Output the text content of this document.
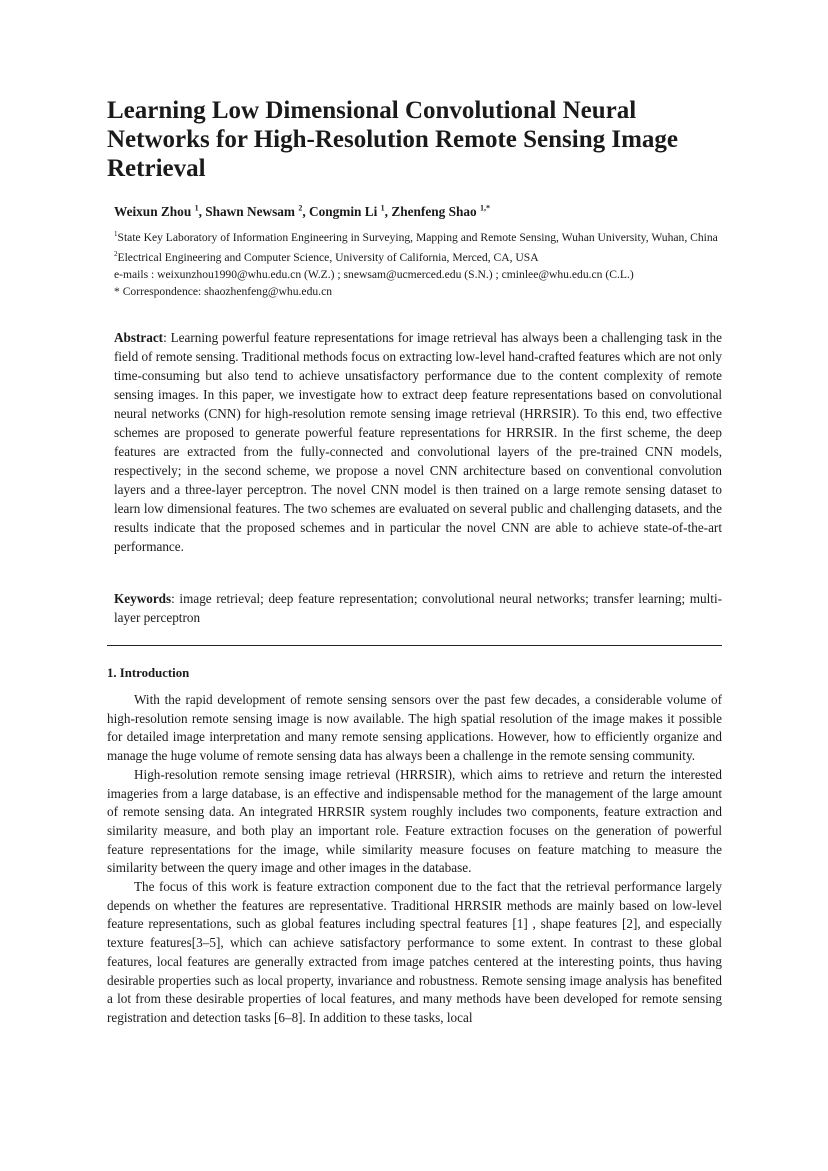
Learning Low Dimensional Convolutional Neural Networks for High-Resolution Remote Sensing Image Retrieval
Weixun Zhou $^1$, Shawn Newsam $^2$, Congmin Li $^1$, Zhenfeng Shao $^{1,*}$
$^1$State Key Laboratory of Information Engineering in Surveying, Mapping and Remote Sensing, Wuhan University, Wuhan, China
$^2$Electrical Engineering and Computer Science, University of California, Merced, CA, USA
e-mails : weixunzhou1990@whu.edu.cn (W.Z.) ; snewsam@ucmerced.edu (S.N.) ; cminlee@whu.edu.cn (C.L.)
* Correspondence: shaozhenfeng@whu.edu.cn

Abstract: Learning powerful feature representations for image retrieval has always been a challenging task in the field of remote sensing. Traditional methods focus on extracting low-level hand-crafted features which are not only time-consuming but also tend to achieve unsatisfactory performance due to the content complexity of remote sensing images. In this paper, we investigate how to extract deep feature representations based on convolutional neural networks (CNN) for high-resolution remote sensing image retrieval (HRRSIR). To this end, two effective schemes are proposed to generate powerful feature representations for HRRSIR. In the first scheme, the deep features are extracted from the fully-connected and convolutional layers of the pre-trained CNN models, respectively; in the second scheme, we propose a novel CNN architecture based on conventional convolution layers and a three-layer perceptron. The novel CNN model is then trained on a large remote sensing dataset to learn low dimensional features. The two schemes are evaluated on several public and challenging datasets, and the results indicate that the proposed schemes and in particular the novel CNN are able to achieve state-of-the-art performance.

Keywords: image retrieval; deep feature representation; convolutional neural networks; transfer learning; multi-layer perceptron

1. Introduction

With the rapid development of remote sensing sensors over the past few decades, a considerable volume of high-resolution remote sensing image is now available. The high spatial resolution of the image makes it possible for detailed image interpretation and many remote sensing applications. However, how to efficiently organize and manage the huge volume of remote sensing data has always been a challenge in the remote sensing community.

High-resolution remote sensing image retrieval (HRRSIR), which aims to retrieve and return the interested imageries from a large database, is an effective and indispensable method for the management of the large amount of remote sensing data. An integrated HRRSIR system roughly includes two components, feature extraction and similarity measure, and both play an important role. Feature extraction focuses on the generation of powerful feature representations for the image, while similarity measure focuses on feature matching to measure the similarity between the query image and other images in the database.

The focus of this work is feature extraction component due to the fact that the retrieval performance largely depends on whether the features are representative. Traditional HRRSIR methods are mainly based on low-level feature representations, such as global features including spectral features [1] , shape features [2], and especially texture features[3–5], which can achieve satisfactory performance to some extent. In contrast to these global features, local features are generally extracted from image patches centered at the interesting points, thus having desirable properties such as local property, invariance and robustness. Remote sensing image analysis has benefited a lot from these desirable properties of local features, and many methods have been developed for remote sensing registration and detection tasks [6–8]. In addition to these tasks, local
